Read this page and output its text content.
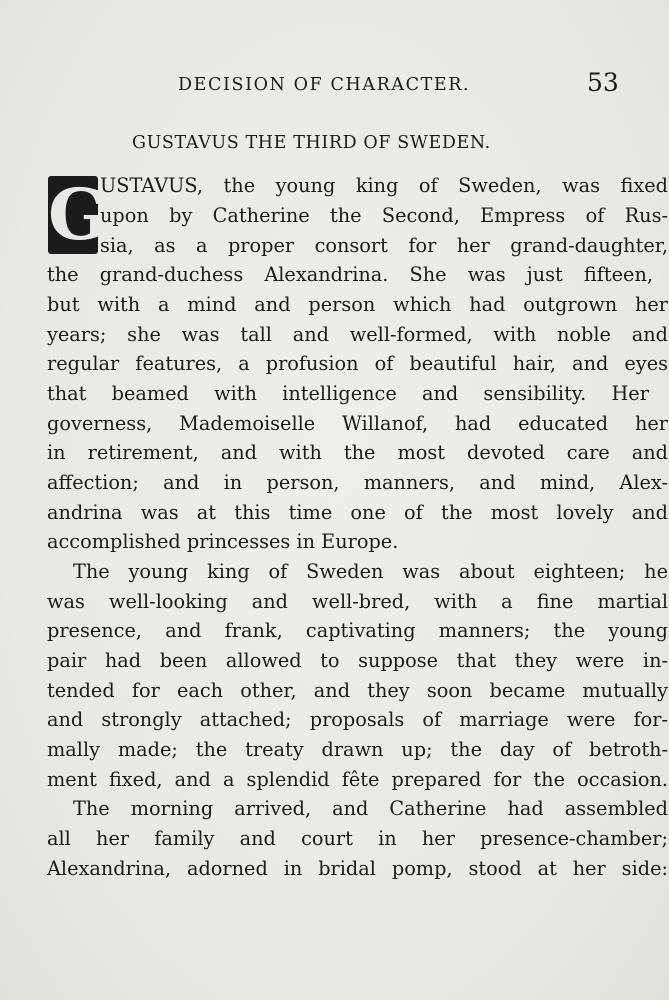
DECISION OF CHARACTER.	53
GUSTAVUS THE THIRD OF SWEDEN.
G
USTAVUS, the young king of Sweden, was fixed
upon by Catherine the Second, Empress of Rus-
sia, as a proper consort for her grand-daughter,
the grand-duchess Alexandrina. She was just fifteen,
but with a mind and person which had outgrown her
years; she was tall and well-formed, with noble and
regular features, a profusion of beautiful hair, and eyes
that beamed with intelligence and sensibility. Her
governess, Mademoiselle Willanof, had educated her
in retirement, and with the most devoted care and
affection; and in person, manners, and mind, Alex-
andrina was at this time one of the most lovely and
accomplished princesses in Europe.
The young king of Sweden was about eighteen; he
was well-looking and well-bred, with a fine martial
presence, and frank, captivating manners; the young
pair had been allowed to suppose that they were in-
tended for each other, and they soon became mutually
and strongly attached; proposals of marriage were for-
mally made; the treaty drawn up; the day of betroth-
ment fixed, and a splendid fête prepared for the occasion.
The morning arrived, and Catherine had assembled
all her family and court in her presence-chamber;
Alexandrina, adorned in bridal pomp, stood at her side:
